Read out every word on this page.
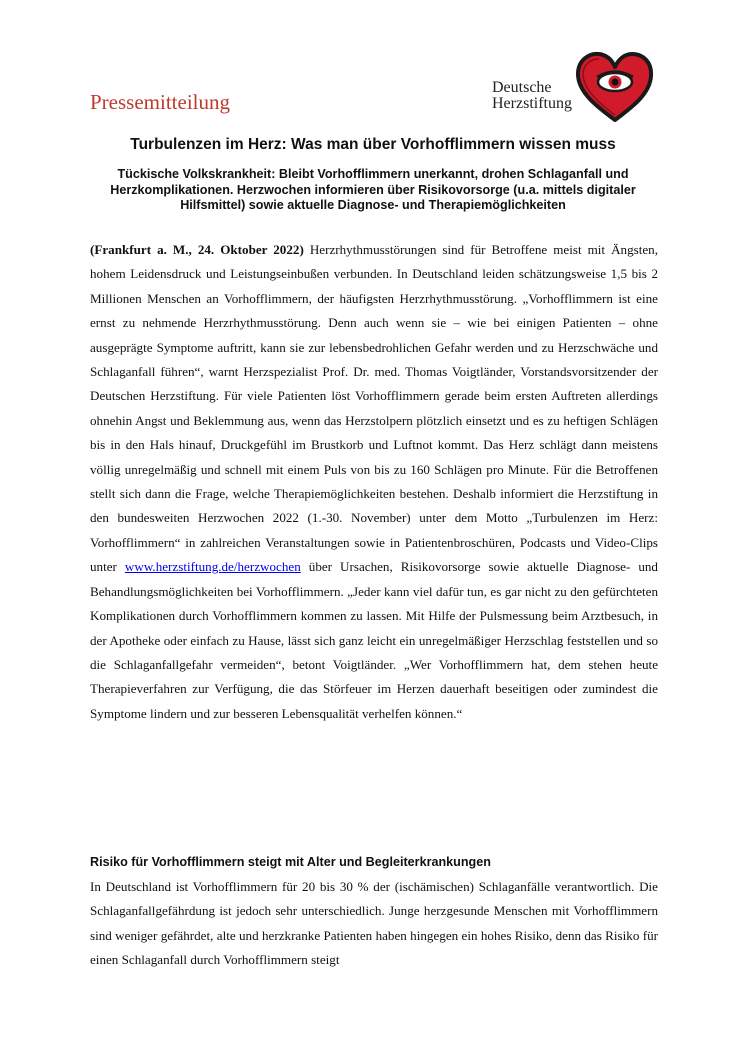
Pressemitteilung
Deutsche
Herzstiftung
Turbulenzen im Herz: Was man über Vorhofflimmern wissen muss
Tückische Volkskrankheit: Bleibt Vorhofflimmern unerkannt, drohen Schlaganfall und Herzkomplikationen. Herzwochen informieren über Risikovorsorge (u.a. mittels digitaler Hilfsmittel) sowie aktuelle Diagnose- und Therapiemöglichkeiten

(Frankfurt a. M., 24. Oktober 2022) Herzrhythmusstörungen sind für Betroffene meist mit Ängsten, hohem Leidensdruck und Leistungseinbußen verbunden. In Deutschland leiden schätzungsweise 1,5 bis 2 Millionen Menschen an Vorhofflimmern, der häufigsten Herzrhythmusstörung. „Vorhofflimmern ist eine ernst zu nehmende Herzrhythmusstörung. Denn auch wenn sie – wie bei einigen Patienten – ohne ausgeprägte Symptome auftritt, kann sie zur lebensbedrohlichen Gefahr werden und zu Herzschwäche und Schlaganfall führen“, warnt Herzspezialist Prof. Dr. med. Thomas Voigtländer, Vorstandsvorsitzender der Deutschen Herzstiftung. Für viele Patienten löst Vorhofflimmern gerade beim ersten Auftreten allerdings ohnehin Angst und Beklemmung aus, wenn das Herzstolpern plötzlich einsetzt und es zu heftigen Schlägen bis in den Hals hinauf, Druckgefühl im Brustkorb und Luftnot kommt. Das Herz schlägt dann meistens völlig unregelmäßig und schnell mit einem Puls von bis zu 160 Schlägen pro Minute. Für die Betroffenen stellt sich dann die Frage, welche Therapiemöglichkeiten bestehen. Deshalb informiert die Herzstiftung in den bundesweiten Herzwochen 2022 (1.-30. November) unter dem Motto „Turbulenzen im Herz: Vorhofflimmern“ in zahlreichen Veranstaltungen sowie in Patientenbroschüren, Podcasts und Video-Clips unter www.herzstiftung.de/herzwochen über Ursachen, Risikovorsorge sowie aktuelle Diagnose- und Behandlungsmöglichkeiten bei Vorhofflimmern. „Jeder kann viel dafür tun, es gar nicht zu den gefürchteten Komplikationen durch Vorhofflimmern kommen zu lassen. Mit Hilfe der Pulsmessung beim Arztbesuch, in der Apotheke oder einfach zu Hause, lässt sich ganz leicht ein unregelmäßiger Herzschlag feststellen und so die Schlaganfallgefahr vermeiden“, betont Voigtländer. „Wer Vorhofflimmern hat, dem stehen heute Therapieverfahren zur Verfügung, die das Störfeuer im Herzen dauerhaft beseitigen oder zumindest die Symptome lindern und zur besseren Lebensqualität verhelfen können.“

Risiko für Vorhofflimmern steigt mit Alter und Begleiterkrankungen

In Deutschland ist Vorhofflimmern für 20 bis 30 % der (ischämischen) Schlaganfälle verantwortlich. Die Schlaganfallgefährdung ist jedoch sehr unterschiedlich. Junge herzgesunde Menschen mit Vorhofflimmern sind weniger gefährdet, alte und herzkranke Patienten haben hingegen ein hohes Risiko, denn das Risiko für einen Schlaganfall durch Vorhofflimmern steigt
